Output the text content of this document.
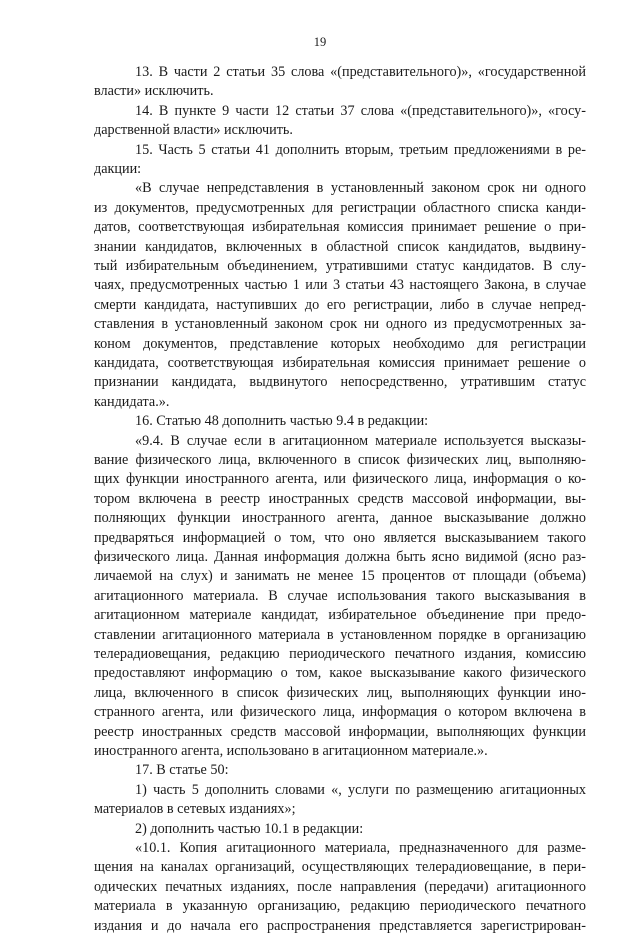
19
13. В части 2 статьи 35 слова «(представительного)», «государственной
власти» исключить.
14. В пункте 9 части 12 статьи 37 слова «(представительного)», «госу-
дарственной власти» исключить.
15. Часть 5 статьи 41 дополнить вторым, третьим предложениями в ре-
дакции:
«В случае непредставления в установленный законом срок ни одного
из документов, предусмотренных для регистрации областного списка канди-
датов, соответствующая избирательная комиссия принимает решение о при-
знании кандидатов, включенных в областной список кандидатов, выдвину-
тый избирательным объединением, утратившими статус кандидатов. В слу-
чаях, предусмотренных частью 1 или 3 статьи 43 настоящего Закона, в случае
смерти кандидата, наступивших до его регистрации, либо в случае непред-
ставления в установленный законом срок ни одного из предусмотренных за-
коном документов, представление которых необходимо для регистрации
кандидата, соответствующая избирательная комиссия принимает решение о
признании кандидата, выдвинутого непосредственно, утратившим статус
кандидата.».
16. Статью 48 дополнить частью 9.4 в редакции:
«9.4. В случае если в агитационном материале используется высказы-
вание физического лица, включенного в список физических лиц, выполняю-
щих функции иностранного агента, или физического лица, информация о ко-
тором включена в реестр иностранных средств массовой информации, вы-
полняющих функции иностранного агента, данное высказывание должно
предваряться информацией о том, что оно является высказыванием такого
физического лица. Данная информация должна быть ясно видимой (ясно раз-
личаемой на слух) и занимать не менее 15 процентов от площади (объема)
агитационного материала. В случае использования такого высказывания в
агитационном материале кандидат, избирательное объединение при предо-
ставлении агитационного материала в установленном порядке в организацию
телерадиовещания, редакцию периодического печатного издания, комиссию
предоставляют информацию о том, какое высказывание какого физического
лица, включенного в список физических лиц, выполняющих функции ино-
странного агента, или физического лица, информация о котором включена в
реестр иностранных средств массовой информации, выполняющих функции
иностранного агента, использовано в агитационном материале.».
17. В статье 50:
1) часть 5 дополнить словами «, услуги по размещению агитационных
материалов в сетевых изданиях»;
2) дополнить частью 10.1 в редакции:
«10.1. Копия агитационного материала, предназначенного для разме-
щения на каналах организаций, осуществляющих телерадиовещание, в пери-
одических печатных изданиях, после направления (передачи) агитационного
материала в указанную организацию, редакцию периодического печатного
издания и до начала его распространения представляется зарегистрирован-
